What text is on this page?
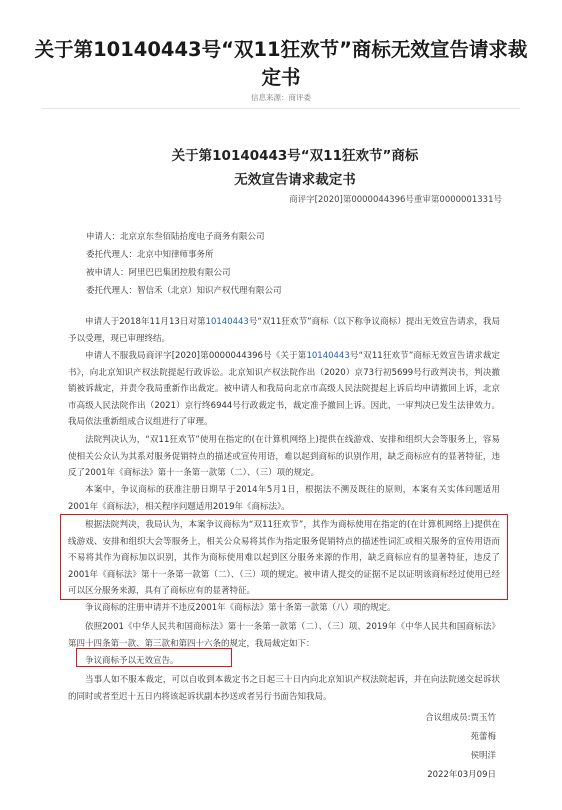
关于第10140443号“双11狂欢节”商标无效宣告请求裁定书
信息来源：商评委
关于第10140443号“双11狂欢节”商标
无效宣告请求裁定书
商评字[2020]第0000044396号重审第0000001331号
申请人：北京京东叁佰陆拾度电子商务有限公司
委托代理人：北京中知律师事务所
被申请人：阿里巴巴集团控股有限公司
委托代理人：智信禾（北京）知识产权代理有限公司

申请人于2018年11月13日对第10140443号“双11狂欢节”商标（以下称争议商标）提出无效宣告请求，我局予以受理，现已审理终结。

申请人不服我局商评字[2020]第0000044396号《关于第10140443号“双11狂欢节”商标无效宣告请求裁定书》，向北京知识产权法院提起行政诉讼。北京知识产权法院作出（2020）京73行初5699号行政判决书，判决撤销被诉裁定，并责令我局重新作出裁定。被申请人和我局向北京市高级人民法院提起上诉后均申请撤回上诉，北京市高级人民法院作出（2021）京行终6944号行政裁定书，裁定准予撤回上诉。因此，一审判决已发生法律效力。我局依法重新组成合议组进行了审理。

法院判决认为，“双11狂欢节”使用在指定的(在计算机网络上)提供在线游戏、安排和组织大会等服务上，容易使相关公众认为其系对服务促销特点的描述或宣传用语，难以起到商标的识别作用，缺乏商标应有的显著特征，违反了2001年《商标法》第十一条第一款第（二）、（三）项的规定。

本案中，争议商标的获准注册日期早于2014年5月1日，根据法不溯及既往的原则，本案有关实体问题适用2001年《商标法》，相关程序问题适用2019年《商标法》。

根据法院判决，我局认为，本案争议商标为“双11狂欢节”，其作为商标使用在指定的(在计算机网络上)提供在线游戏、安排和组织大会等服务上，相关公众易将其作为指定服务促销特点的描述性词汇或相关服务的宣传用语而不易将其作为商标加以识别，其作为商标使用难以起到区分服务来源的作用，缺乏商标应有的显著特征，违反了2001年《商标法》第十一条第一款第（二）、（三）项的规定。被申请人提交的证据不足以证明该商标经过使用已经可以区分服务来源，具有了商标应有的显著特征。

争议商标的注册申请并不违反2001年《商标法》第十条第一款第（八）项的规定。

依照2001《中华人民共和国商标法》第十一条第一款第（二）、（三）项、2019年《中华人民共和国商标法》第四十四条第一款、第三款和第四十六条的规定，我局裁定如下：

争议商标予以无效宣告。

当事人如不服本裁定，可以自收到本裁定书之日起三十日内向北京知识产权法院起诉，并在向法院递交起诉状的同时或者至迟十五日内将该起诉状副本抄送或者另行书面告知我局。

合议组成员:贾玉竹
苑蕾梅
侯明洋
2022年03月09日
